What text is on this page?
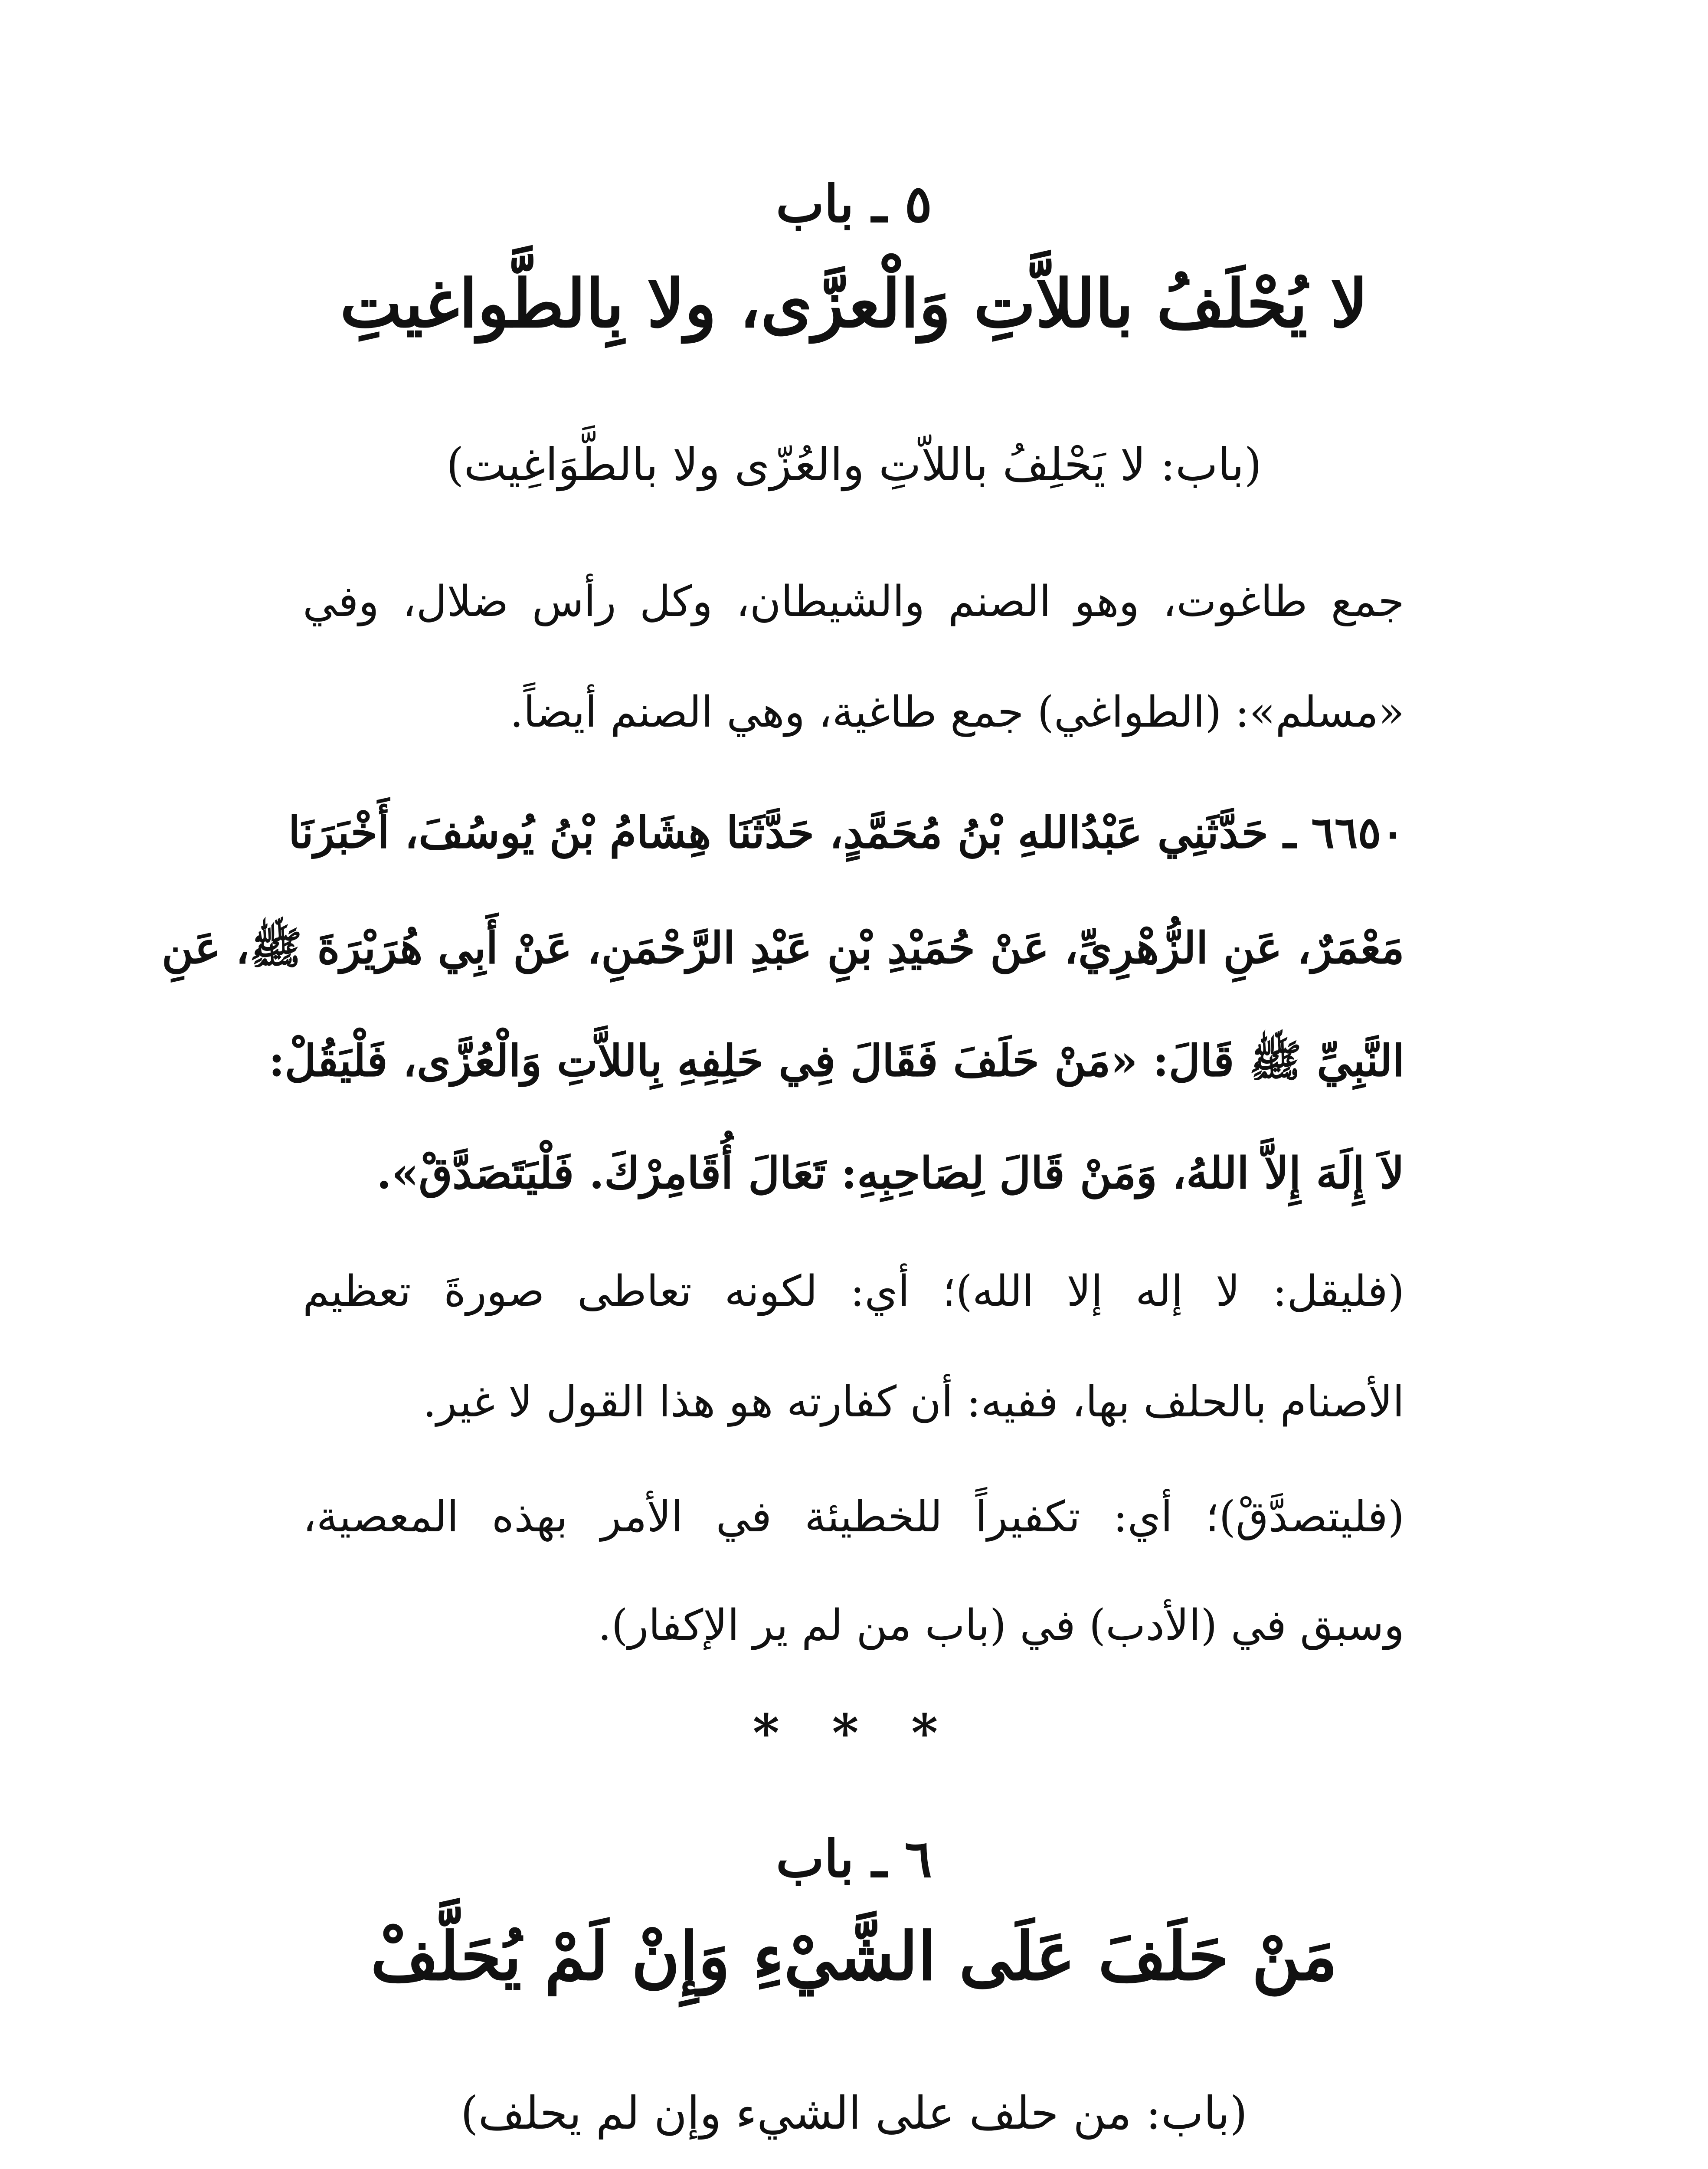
٥ ـ باب
لا يُحْلَفُ باللاَّتِ وَالْعزَّى، ولا بِالطَّواغيتِ
(باب: لا يَحْلِفُ باللاّتِ والعُزّى ولا بالطَّوَاغِيت)
جمع طاغوت، وهو الصنم والشيطان، وكل رأس ضلال، وفي
«مسلم»: (الطواغي) جمع طاغية، وهي الصنم أيضاً.
٦٦٥٠ ـ حَدَّثَنِي عَبْدُاللهِ بْنُ مُحَمَّدٍ، حَدَّثَنَا هِشَامُ بْنُ يُوسُفَ، أَخْبَرَنَا
مَعْمَرٌ، عَنِ الزُّهْرِيِّ، عَنْ حُمَيْدِ بْنِ عَبْدِ الرَّحْمَنِ، عَنْ أَبِي هُرَيْرَةَ ﷺ، عَنِ
النَّبِيِّ ﷺ قَالَ: «مَنْ حَلَفَ فَقَالَ فِي حَلِفِهِ بِاللاَّتِ وَالْعُزَّى، فَلْيَقُلْ:
لاَ إِلَهَ إِلاَّ اللهُ، وَمَنْ قَالَ لِصَاحِبِهِ: تَعَالَ أُقَامِرْكَ. فَلْيَتَصَدَّقْ».
(فليقل: لا إله إلا الله)؛ أي: لكونه تعاطى صورةَ تعظيم
الأصنام بالحلف بها، ففيه: أن كفارته هو هذا القول لا غير.
(فليتصدَّقْ)؛ أي: تكفيراً للخطيئة في الأمر بهذه المعصية،
وسبق في (الأدب) في (باب من لم ير الإكفار).
* * *
٦ ـ باب
مَنْ حَلَفَ عَلَى الشَّيْءِ وَإِنْ لَمْ يُحَلَّفْ
(باب: من حلف على الشيء وإن لم يحلف)
